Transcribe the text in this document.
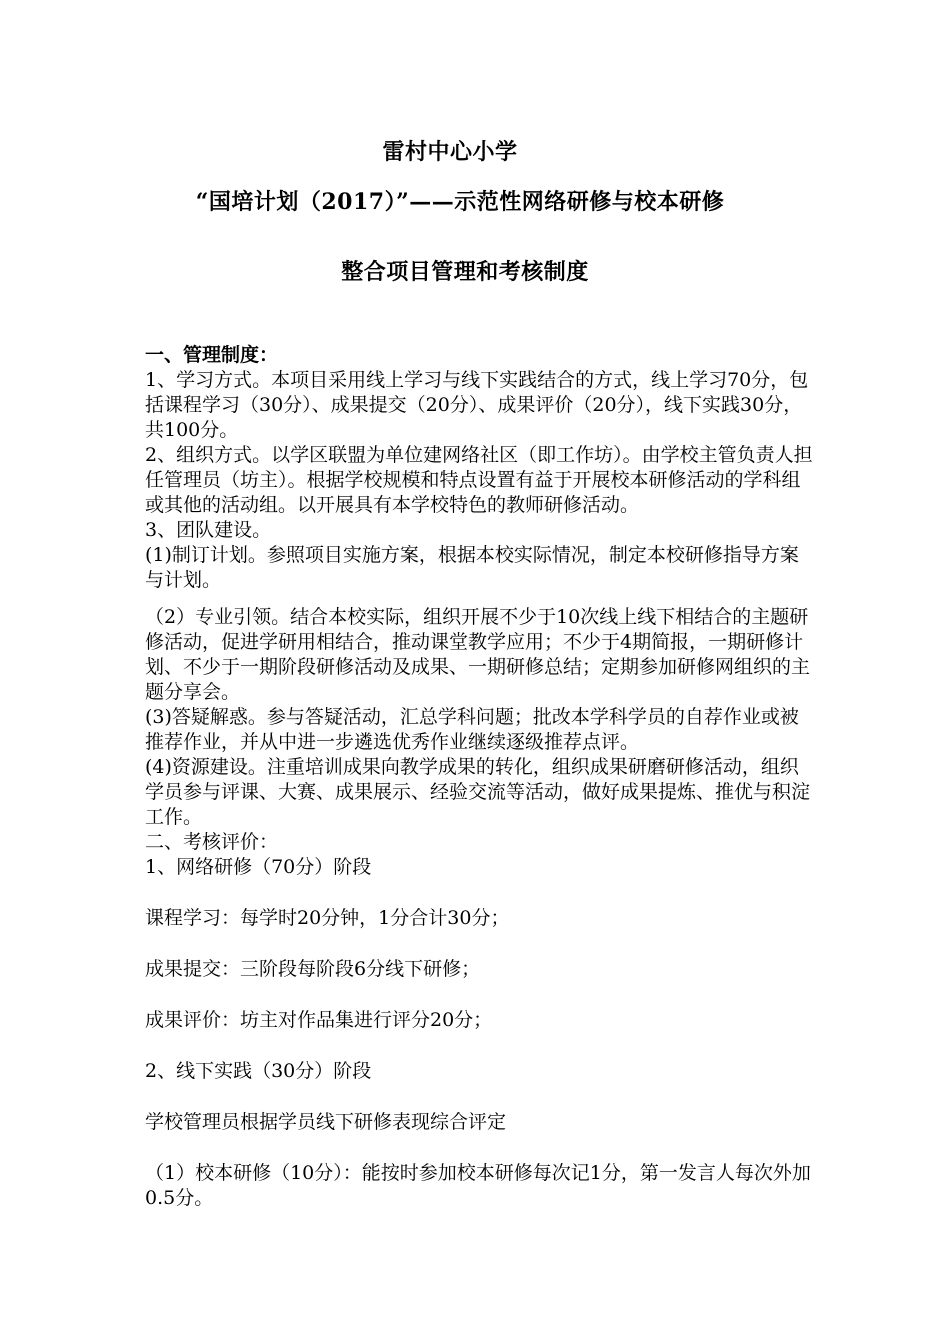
雷村中心小学
“国培计划（2017）”——示范性网络研修与校本研修
整合项目管理和考核制度

一、管理制度：

1、学习方式。本项目采用线上学习与线下实践结合的方式，线上学习70分，包括课程学习（30分）、成果提交（20分）、成果评价（20分），线下实践30分，共100分。

2、组织方式。以学区联盟为单位建网络社区（即工作坊）。由学校主管负责人担任管理员（坊主）。根据学校规模和特点设置有益于开展校本研修活动的学科组或其他的活动组。以开展具有本学校特色的教师研修活动。

3、团队建设。

(1)制订计划。参照项目实施方案，根据本校实际情况，制定本校研修指导方案与计划。

（2）专业引领。结合本校实际，组织开展不少于10次线上线下相结合的主题研修活动，促进学研用相结合，推动课堂教学应用；不少于4期简报，一期研修计划、不少于一期阶段研修活动及成果、一期研修总结；定期参加研修网组织的主题分享会。

(3)答疑解惑。参与答疑活动，汇总学科问题；批改本学科学员的自荐作业或被推荐作业，并从中进一步遴选优秀作业继续逐级推荐点评。

(4)资源建设。注重培训成果向教学成果的转化，组织成果研磨研修活动，组织学员参与评课、大赛、成果展示、经验交流等活动，做好成果提炼、推优与积淀工作。

二、考核评价：

1、网络研修（70分）阶段

课程学习：每学时20分钟，1分合计30分；

成果提交：三阶段每阶段6分线下研修；

成果评价：坊主对作品集进行评分20分；

2、线下实践（30分）阶段

学校管理员根据学员线下研修表现综合评定

（1）校本研修（10分）：能按时参加校本研修每次记1分，第一发言人每次外加0.5分。
